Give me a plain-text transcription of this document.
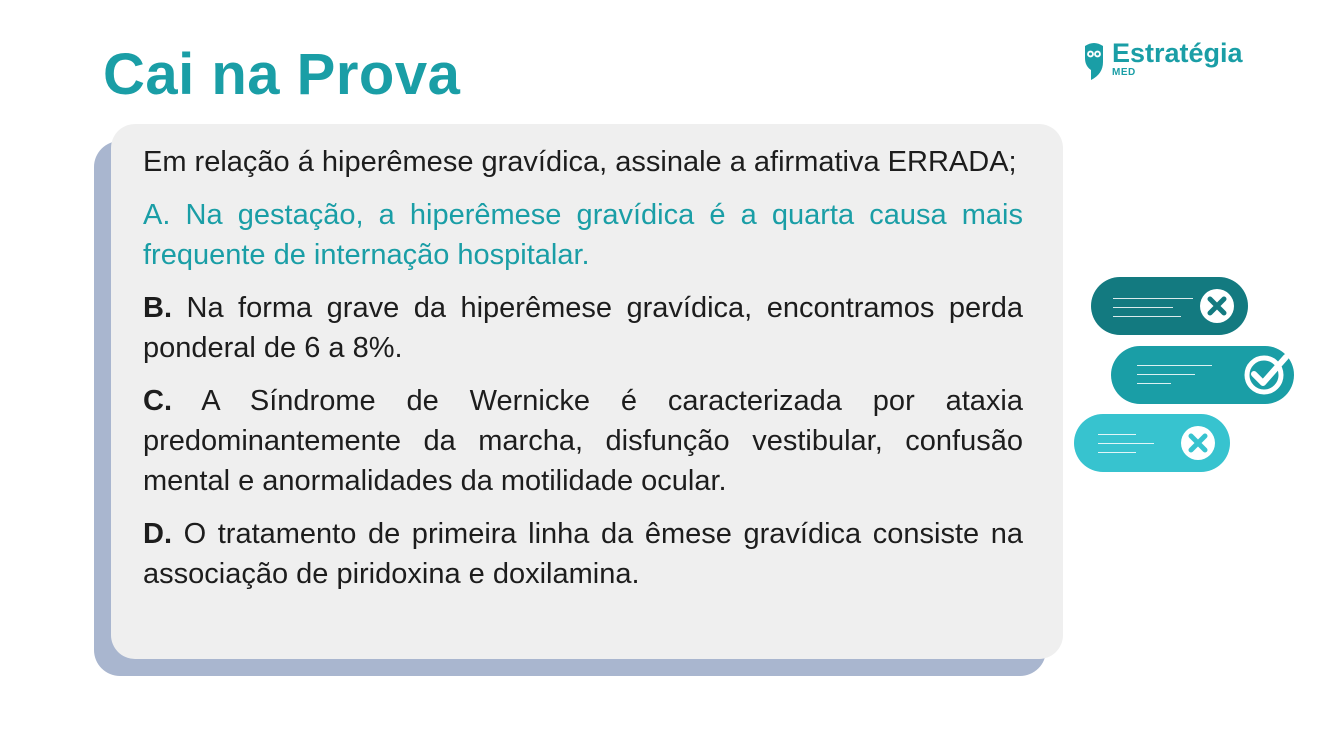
Cai na Prova	Estratégia
MED

Em relação á hiperêmese gravídica, assinale a afirmativa ERRADA;

A. Na gestação, a hiperêmese gravídica é a quarta causa mais frequente de internação hospitalar.

B. Na forma grave da hiperêmese gravídica, encontramos perda ponderal de 6 a 8%.

C. A Síndrome de Wernicke é caracterizada por ataxia predominantemente da marcha, disfunção vestibular, confusão mental e anormalidades da motilidade ocular.

D. O tratamento de primeira linha da êmese gravídica consiste na associação de piridoxina e doxilamina.
